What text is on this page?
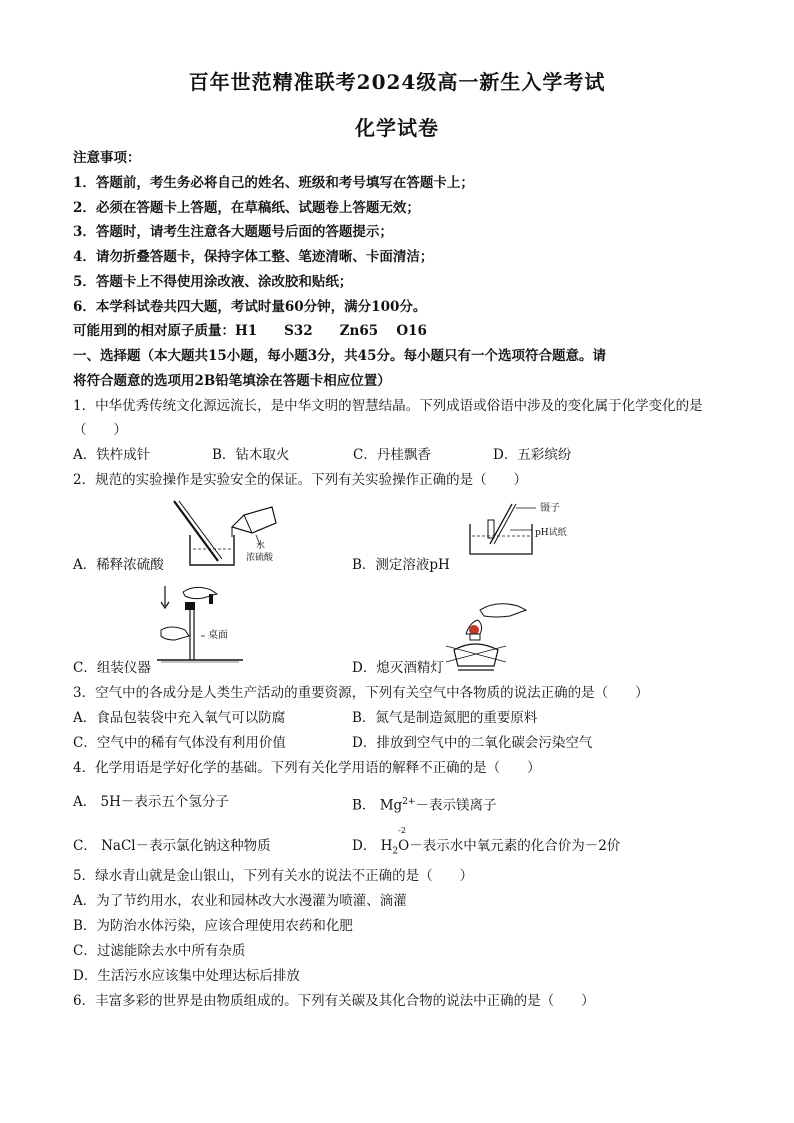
百年世范精准联考2024级高一新生入学考试
化学试卷
注意事项：
1．答题前，考生务必将自己的姓名、班级和考号填写在答题卡上；
2．必须在答题卡上答题，在草稿纸、试题卷上答题无效；
3．答题时，请考生注意各大题题号后面的答题提示；
4．请勿折叠答题卡，保持字体工整、笔迹清晰、卡面清洁；
5．答题卡上不得使用涂改液、涂改胶和贴纸；
6．本学科试卷共四大题，考试时量60分钟，满分100分。
可能用到的相对原子质量：H1　　S32　　Zn65　 O16
一、选择题（本大题共15小题，每小题3分，共45分。每小题只有一个选项符合题意。请
将符合题意的选项用2B铅笔填涂在答题卡相应位置）
1．中华优秀传统文化源远流长，是中华文明的智慧结晶。下列成语或俗语中涉及的变化属于化学变化的是
（　　）
A．铁杵成针	B．钻木取火	C．丹桂飘香	D．五彩缤纷
2．规范的实验操作是实验安全的保证。下列有关实验操作正确的是（　　）
水
浓硫酸
A．稀释浓硫酸
镊子
pH试纸
B．测定溶液pH
桌面
C．组装仪器	D．熄灭酒精灯
3．空气中的各成分是人类生产活动的重要资源，下列有关空气中各物质的说法正确的是（　　）
A．食品包装袋中充入氧气可以防腐	B．氮气是制造氮肥的重要原料
C．空气中的稀有气体没有利用价值	D．排放到空气中的二氧化碳会污染空气
4．化学用语是学好化学的基础。下列有关化学用语的解释不正确的是（　　）
A． 5H－表示五个氢分子	B． $Mg^{2+}-$表示镁离子
C． NaCl－表示氯化钠这种物质	D． $H_2$
-2
O－表示水中氧元素的化合价为－2价
5．绿水青山就是金山银山，下列有关水的说法不正确的是（　　）
A．为了节约用水，农业和园林改大水漫灌为喷灌、滴灌
B．为防治水体污染，应该合理使用农药和化肥
C．过滤能除去水中所有杂质
D．生活污水应该集中处理达标后排放
6．丰富多彩的世界是由物质组成的。下列有关碳及其化合物的说法中正确的是（　　）
